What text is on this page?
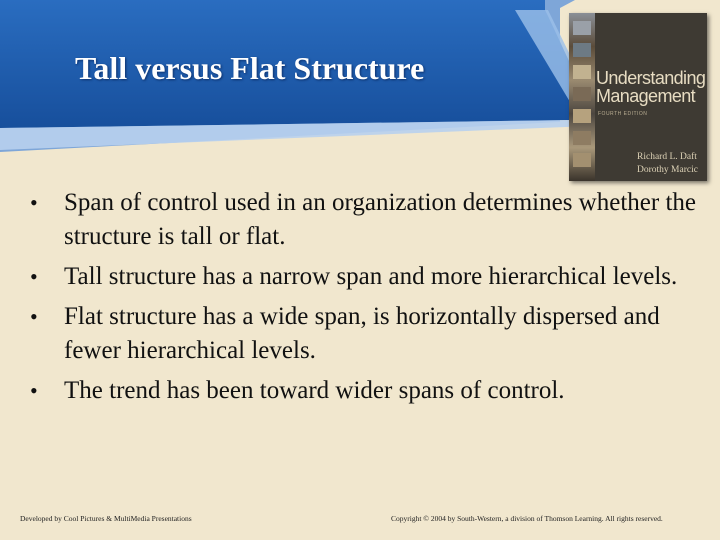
Tall versus Flat Structure	Understanding
Management
FOURTH EDITION
Richard L. Daft
Dorothy Marcic
• Span of control used in an organization determines whether the structure is tall or flat.
• Tall structure has a narrow span and more hierarchical levels.
• Flat structure has a wide span, is horizontally dispersed and fewer hierarchical levels.
• The trend has been toward wider spans of control.
Developed by Cool Pictures & MultiMedia Presentations	Copyright © 2004 by South-Western, a division of Thomson Learning. All rights reserved.
